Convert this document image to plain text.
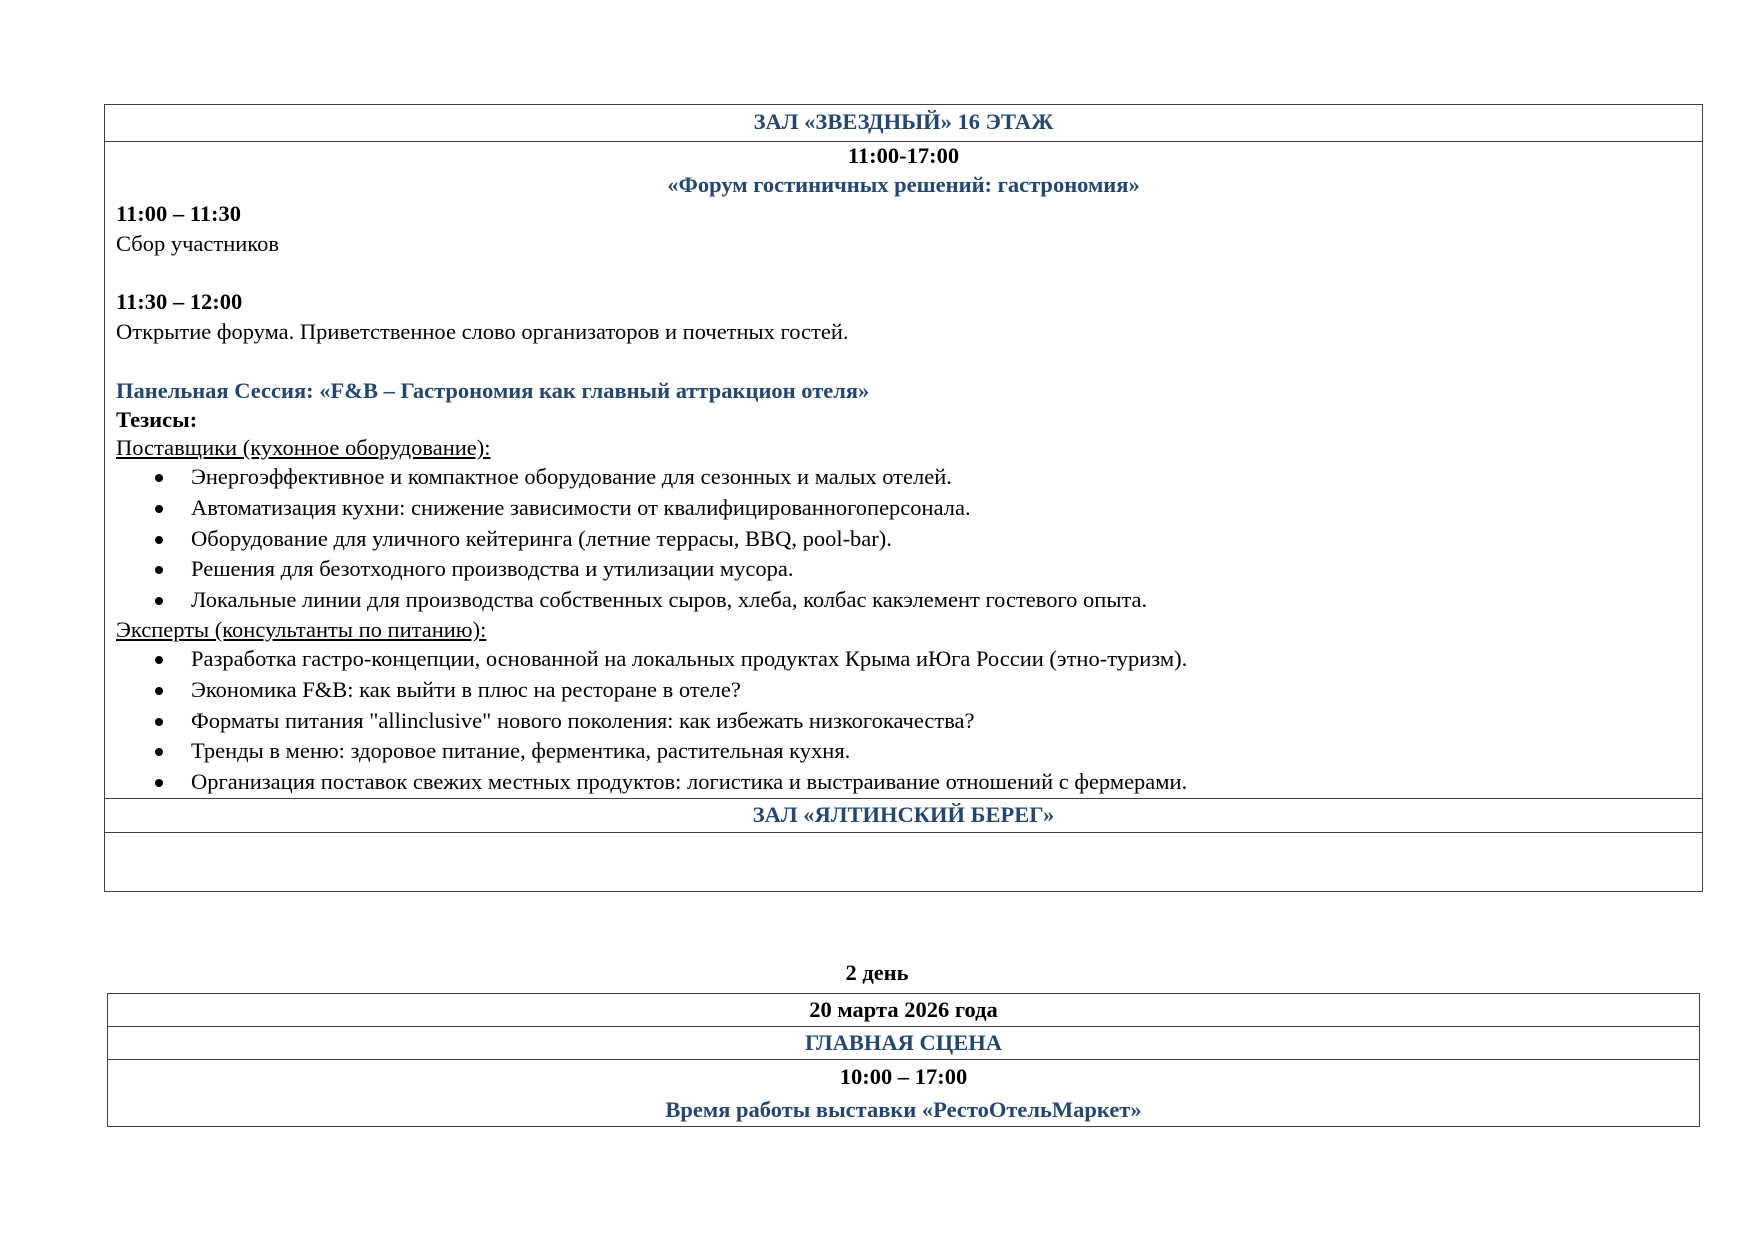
ЗАЛ «ЗВЕЗДНЫЙ» 16 ЭТАЖ

11:00-17:00
«Форум гостиничных решений: гастрономия»
11:00 – 11:30
Сбор участников
11:30 – 12:00
Открытие форума. Приветственное слово организаторов и почетных гостей.
Панельная Сессия: «F&B – Гастрономия как главный аттракцион отеля»
Тезисы:
Поставщики (кухонное оборудование):
Энергоэффективное и компактное оборудование для сезонных и малых отелей.
Автоматизация кухни: снижение зависимости от квалифицированногоперсонала.
Оборудование для уличного кейтеринга (летние террасы, BBQ, pool-bar).
Решения для безотходного производства и утилизации мусора.
Локальные линии для производства собственных сыров, хлеба, колбас какэлемент гостевого опыта.
Эксперты (консультанты по питанию):
Разработка гастро-концепции, основанной на локальных продуктах Крыма иЮга России (этно-туризм).
Экономика F&B: как выйти в плюс на ресторане в отеле?
Форматы питания "allinclusive" нового поколения: как избежать низкогокачества?
Тренды в меню: здоровое питание, ферментика, растительная кухня.
Организация поставок свежих местных продуктов: логистика и выстраивание отношений с фермерами.

ЗАЛ «ЯЛТИНСКИЙ БЕРЕГ»

2 день
20 марта 2026 года
ГЛАВНАЯ СЦЕНА

10:00 – 17:00
Время работы выставки «РестоОтельМаркет»
